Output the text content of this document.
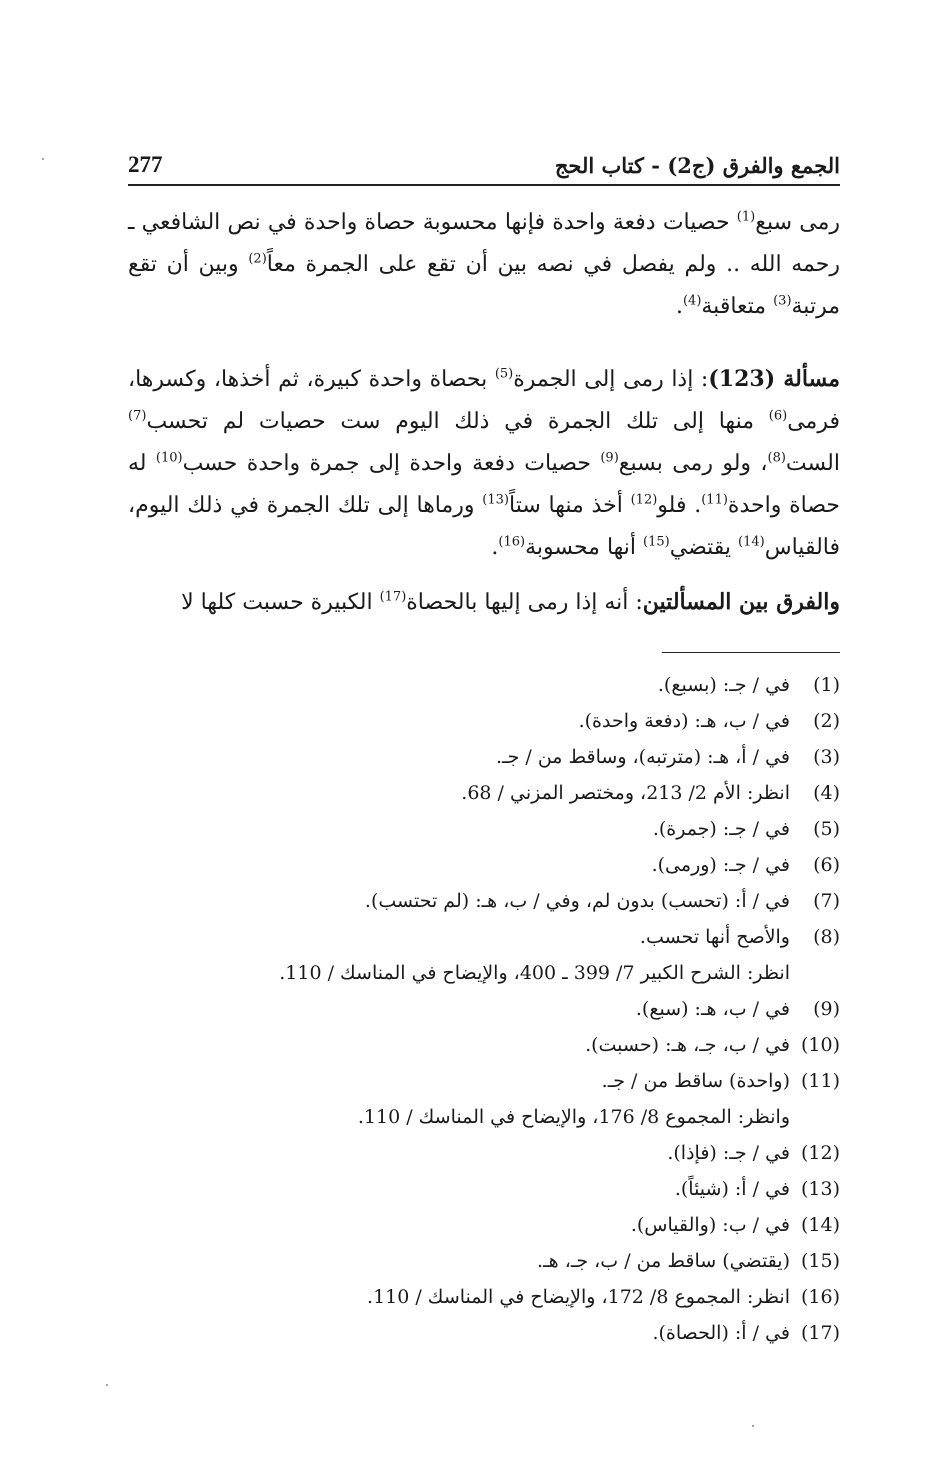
الجمع والفرق (ج2) - كتاب الحج
277

رمى سبع$^{(1)}$ حصيات دفعة واحدة فإنها محسوبة حصاة واحدة في نص الشافعي ـ رحمه الله .. ولم يفصل في نصه بين أن تقع على الجمرة معاً$^{(2)}$ وبين أن تقع مرتبة$^{(3)}$ متعاقبة$^{(4)}$.

مسألة (123): إذا رمى إلى الجمرة$^{(5)}$ بحصاة واحدة كبيرة، ثم أخذها، وكسرها، فرمى$^{(6)}$ منها إلى تلك الجمرة في ذلك اليوم ست حصيات لم تحسب$^{(7)}$ الست$^{(8)}$، ولو رمى بسبع$^{(9)}$ حصيات دفعة واحدة إلى جمرة واحدة حسب$^{(10)}$ له حصاة واحدة$^{(11)}$. فلو$^{(12)}$ أخذ منها ستاً$^{(13)}$ ورماها إلى تلك الجمرة في ذلك اليوم، فالقياس$^{(14)}$ يقتضي$^{(15)}$ أنها محسوبة$^{(16)}$.

والفرق بين المسألتين: أنه إذا رمى إليها بالحصاة$^{(17)}$ الكبيرة حسبت كلها لا

(1)
في / جـ: (بسبع).
(2)
في / ب، هـ: (دفعة واحدة).
(3)
في / أ، هـ: (مترتبه)، وساقط من / جـ.
(4)
انظر: الأم 2/ 213، ومختصر المزني / 68.
(5)
في / جـ: (جمرة).
(6)
في / جـ: (ورمى).
(7)
في / أ: (تحسب) بدون لم، وفي / ب، هـ: (لم تحتسب).
(8)
والأصح أنها تحسب.
انظر: الشرح الكبير 7/ 399 ـ 400، والإيضاح في المناسك / 110.
(9)
في / ب، هـ: (سبع).
(10)
في / ب، جـ، هـ: (حسبت).
(11)
(واحدة) ساقط من / جـ.
وانظر: المجموع 8/ 176، والإيضاح في المناسك / 110.
(12)
في / جـ: (فإذا).
(13)
في / أ: (شيئاً).
(14)
في / ب: (والقياس).
(15)
(يقتضي) ساقط من / ب، جـ، هـ.
(16)
انظر: المجموع 8/ 172، والإيضاح في المناسك / 110.
(17)
في / أ: (الحصاة).
